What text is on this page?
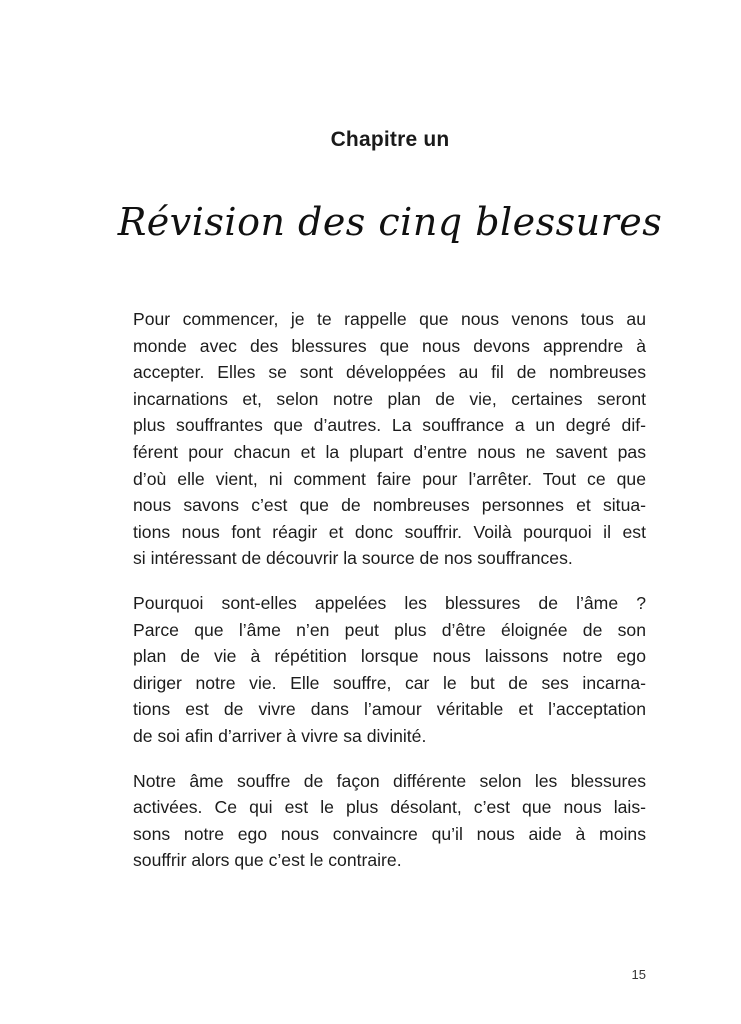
Chapitre un
Révision des cinq blessures
Pour commencer, je te rappelle que nous venons tous au
monde avec des blessures que nous devons apprendre à
accepter. Elles se sont développées au fil de nombreuses
incarnations et, selon notre plan de vie, certaines seront
plus souffrantes que d’autres. La souffrance a un degré dif-
férent pour chacun et la plupart d’entre nous ne savent pas
d’où elle vient, ni comment faire pour l’arrêter. Tout ce que
nous savons c’est que de nombreuses personnes et situa-
tions nous font réagir et donc souffrir. Voilà pourquoi il est
si intéressant de découvrir la source de nos souffrances.
Pourquoi sont-elles appelées les blessures de l’âme ?
Parce que l’âme n’en peut plus d’être éloignée de son
plan de vie à répétition lorsque nous laissons notre ego
diriger notre vie. Elle souffre, car le but de ses incarna-
tions est de vivre dans l’amour véritable et l’acceptation
de soi afin d’arriver à vivre sa divinité.
Notre âme souffre de façon différente selon les blessures
activées. Ce qui est le plus désolant, c’est que nous lais-
sons notre ego nous convaincre qu’il nous aide à moins
souffrir alors que c’est le contraire.
15
